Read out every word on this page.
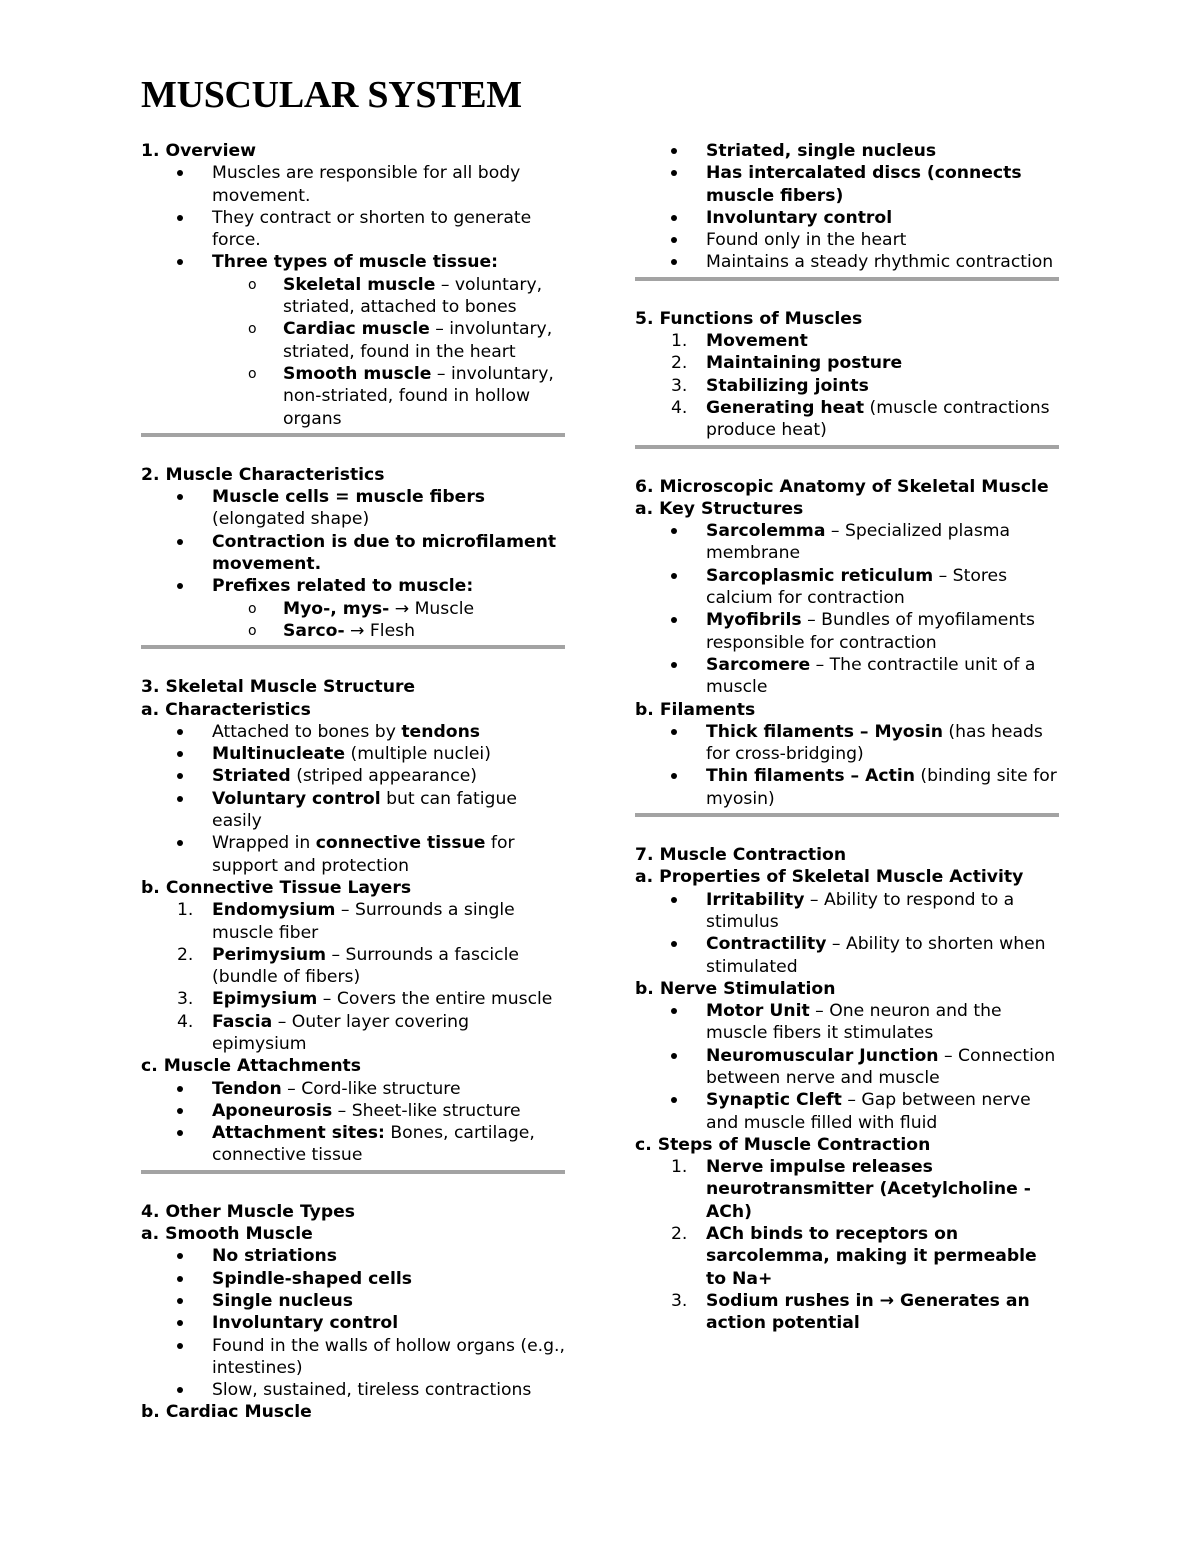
MUSCULAR SYSTEM

1. Overview

Muscles are responsible for all body movement.
They contract or shorten to generate force.
Three types of muscle tissue:
o Skeletal muscle – voluntary, striated, attached to bones
o Cardiac muscle – involuntary, striated, found in the heart
o Smooth muscle – involuntary, non-striated, found in hollow organs

2. Muscle Characteristics

Muscle cells = muscle fibers (elongated shape)
Contraction is due to microfilament movement.
Prefixes related to muscle:
o Myo-, mys- → Muscle
o Sarco- → Flesh

3. Skeletal Muscle Structure

a. Characteristics

Attached to bones by tendons
Multinucleate (multiple nuclei)
Striated (striped appearance)
Voluntary control but can fatigue easily
Wrapped in connective tissue for support and protection

b. Connective Tissue Layers

1. Endomysium – Surrounds a single muscle fiber
2. Perimysium – Surrounds a fascicle (bundle of fibers)
3. Epimysium – Covers the entire muscle
4. Fascia – Outer layer covering epimysium

c. Muscle Attachments

Tendon – Cord-like structure
Aponeurosis – Sheet-like structure
Attachment sites: Bones, cartilage, connective tissue

4. Other Muscle Types

a. Smooth Muscle

No striations
Spindle-shaped cells
Single nucleus
Involuntary control
Found in the walls of hollow organs (e.g., intestines)
Slow, sustained, tireless contractions

b. Cardiac Muscle

Striated, single nucleus
Has intercalated discs (connects muscle fibers)
Involuntary control
Found only in the heart
Maintains a steady rhythmic contraction

5. Functions of Muscles

1. Movement
2. Maintaining posture
3. Stabilizing joints
4. Generating heat (muscle contractions produce heat)

6. Microscopic Anatomy of Skeletal Muscle

a. Key Structures

Sarcolemma – Specialized plasma membrane
Sarcoplasmic reticulum – Stores calcium for contraction
Myofibrils – Bundles of myofilaments responsible for contraction
Sarcomere – The contractile unit of a muscle

b. Filaments

Thick filaments – Myosin (has heads for cross-bridging)
Thin filaments – Actin (binding site for myosin)

7. Muscle Contraction

a. Properties of Skeletal Muscle Activity

Irritability – Ability to respond to a stimulus
Contractility – Ability to shorten when stimulated

b. Nerve Stimulation

Motor Unit – One neuron and the muscle fibers it stimulates
Neuromuscular Junction – Connection between nerve and muscle
Synaptic Cleft – Gap between nerve and muscle filled with fluid

c. Steps of Muscle Contraction

1. Nerve impulse releases neurotransmitter (Acetylcholine - ACh)
2. ACh binds to receptors on sarcolemma, making it permeable to Na+
3. Sodium rushes in → Generates an action potential
